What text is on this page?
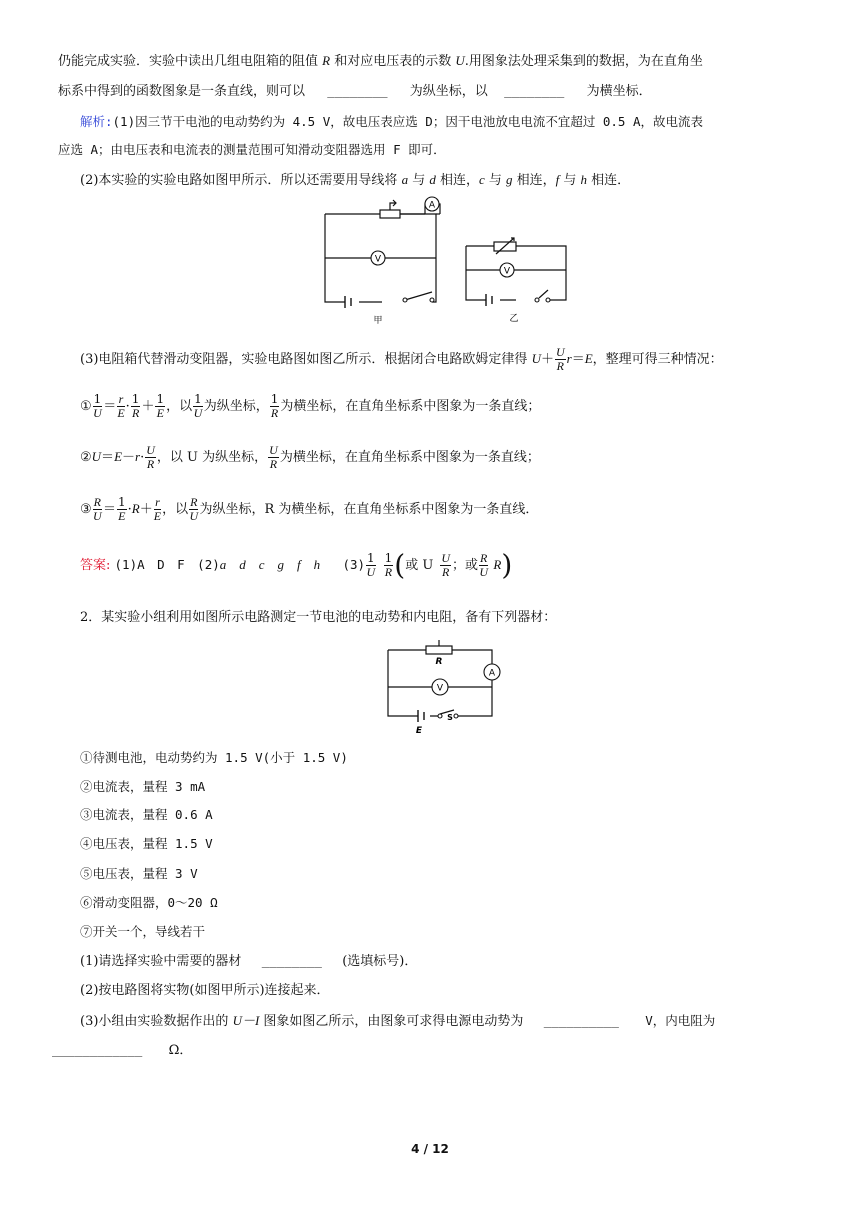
仍能完成实验．实验中读出几组电阻箱的阻值 R 和对应电压表的示数 U.用图象法处理采集到的数据，为在直角坐
标系中得到的函数图象是一条直线，则可以 ________ 为纵坐标，以 ________ 为横坐标．
解析:(1)因三节干电池的电动势约为 4.5 V，故电压表应选 D；因干电池放电电流不宜超过 0.5 A，故电流表
应选 A；由电压表和电流表的测量范围可知滑动变阻器选用 F 即可．
(2)本实验的实验电路如图甲所示．所以还需要用导线将 a 与 d 相连，c 与 g 相连，f 与 h 相连．
A
V
V
甲	乙
(3)电阻箱代替滑动变阻器，实验电路图如图乙所示．根据闭合电路欧姆定律得 $U+ \frac{U}{R} r=E$，整理可得三种情况：
① $\frac{1}{U} = \frac{r}{E} \cdot \frac{1}{R} + \frac{1}{E}$ ，以 $\frac{1}{U}$ 为纵坐标， $\frac{1}{R}$ 为横坐标，在直角坐标系中图象为一条直线；
②U＝E－r· $\frac{U}{R}$ ，以 U 为纵坐标， $\frac{U}{R}$ 为横坐标，在直角坐标系中图象为一条直线；
③ $\frac{R}{U} = \frac{1}{E} \cdot R+ \frac{r}{E}$ ，以 $\frac{R}{U}$ 为纵坐标，R 为横坐标，在直角坐标系中图象为一条直线．
答案: (1)A　D　F　(2)a　d　c　g　f　h $(3) \frac{1}{U} \frac{1}{R}$ (或 U $\frac{U}{R}$ ；或 $\frac{R}{U} R$)
2．某实验小组利用如图所示电路测定一节电池的电动势和内电阻，备有下列器材：
A
V
R
E
S
①待测电池，电动势约为 1.5 V(小于 1.5 V)
②电流表，量程 3 mA
③电流表，量程 0.6 A
④电压表，量程 1.5 V
⑤电压表，量程 3 V
⑥滑动变阻器，0～20 Ω
⑦开关一个，导线若干
(1)请选择实验中需要的器材 ________ (选填标号)．
(2)按电路图将实物(如图甲所示)连接起来．
(3)小组由实验数据作出的 U－I 图象如图乙所示，由图象可求得电源电动势为 __________ V，内电阻为
____________ Ω．
4 / 12
